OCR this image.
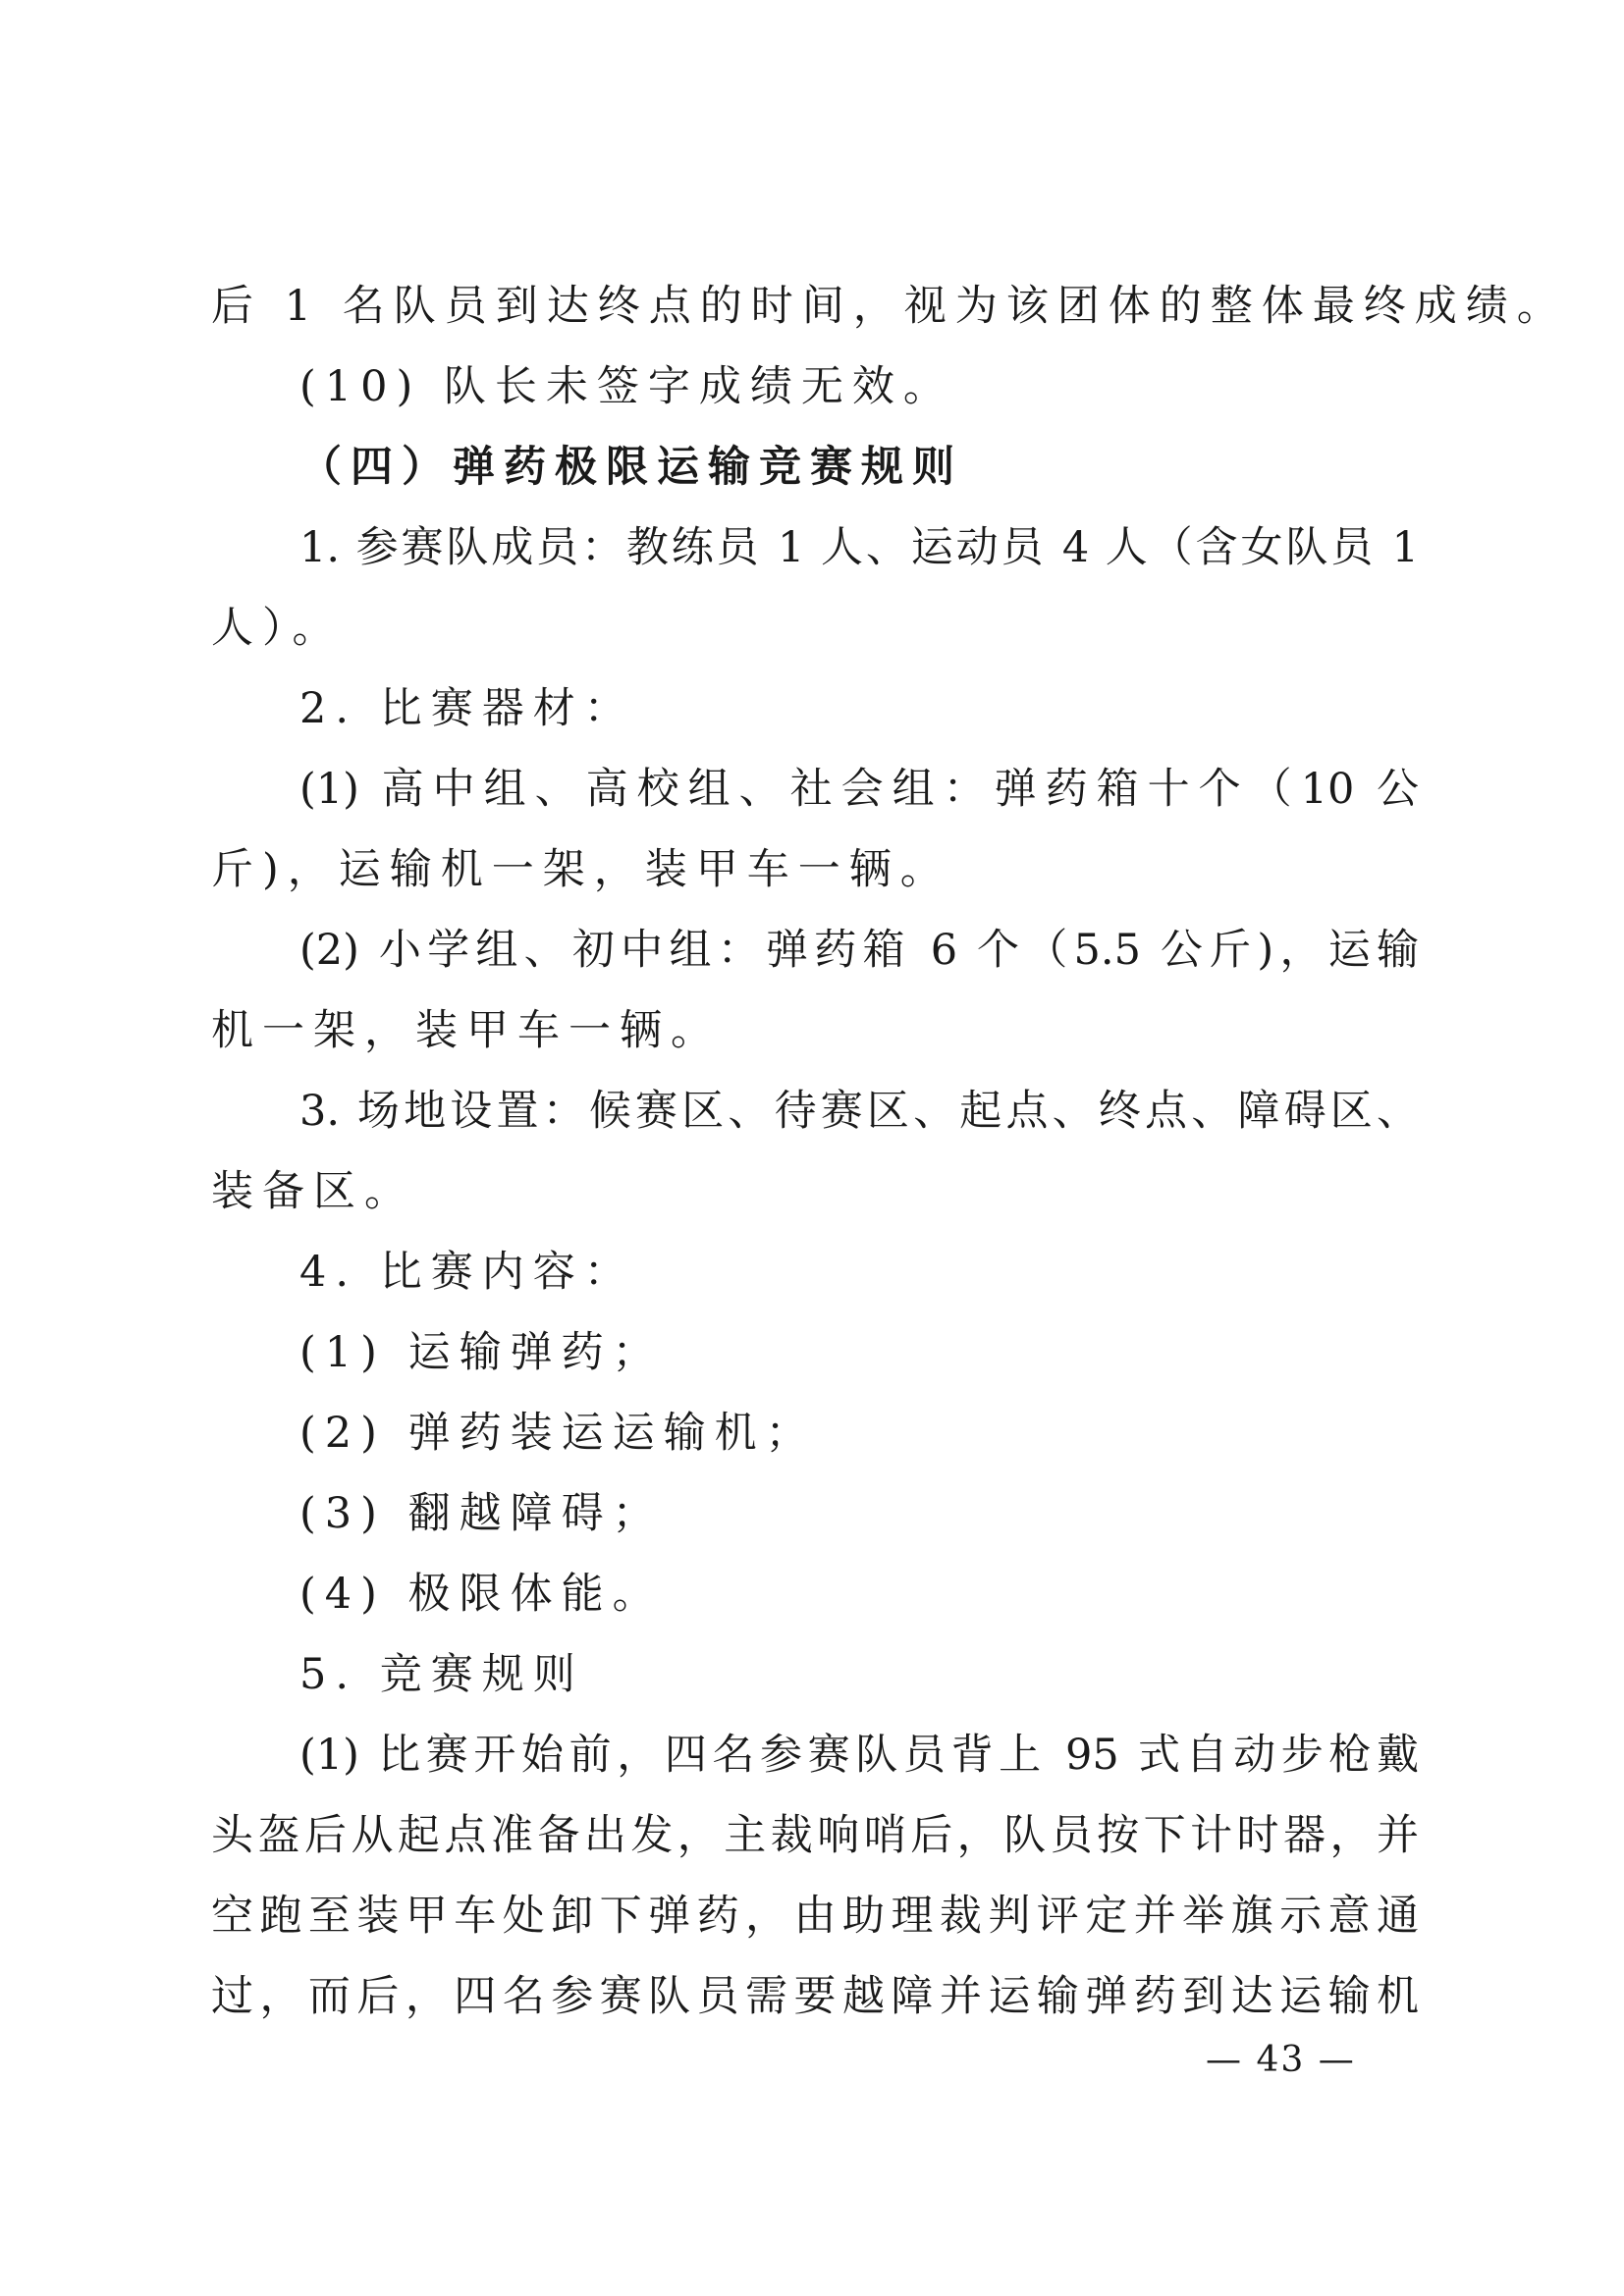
后 1 名队员到达终点的时间，视为该团体的整体最终成绩。

(10) 队长未签字成绩无效。

（四）弹药极限运输竞赛规则

1. 参赛队成员：教练员 1 人、运动员 4 人（含女队员 1

人）。

2. 比赛器材：

(1) 高中组、高校组、社会组：弹药箱十个（10 公

斤)，运输机一架，装甲车一辆。

(2) 小学组、初中组：弹药箱 6 个（5.5 公斤)，运输

机一架，装甲车一辆。

3. 场地设置：候赛区、待赛区、起点、终点、障碍区、

装备区。

4. 比赛内容：

(1) 运输弹药；

(2) 弹药装运运输机；

(3) 翻越障碍；

(4) 极限体能。

5. 竞赛规则

(1) 比赛开始前，四名参赛队员背上 95 式自动步枪戴

头盔后从起点准备出发，主裁响哨后，队员按下计时器，并

空跑至装甲车处卸下弹药，由助理裁判评定并举旗示意通

过，而后，四名参赛队员需要越障并运输弹药到达运输机

— 43 —
